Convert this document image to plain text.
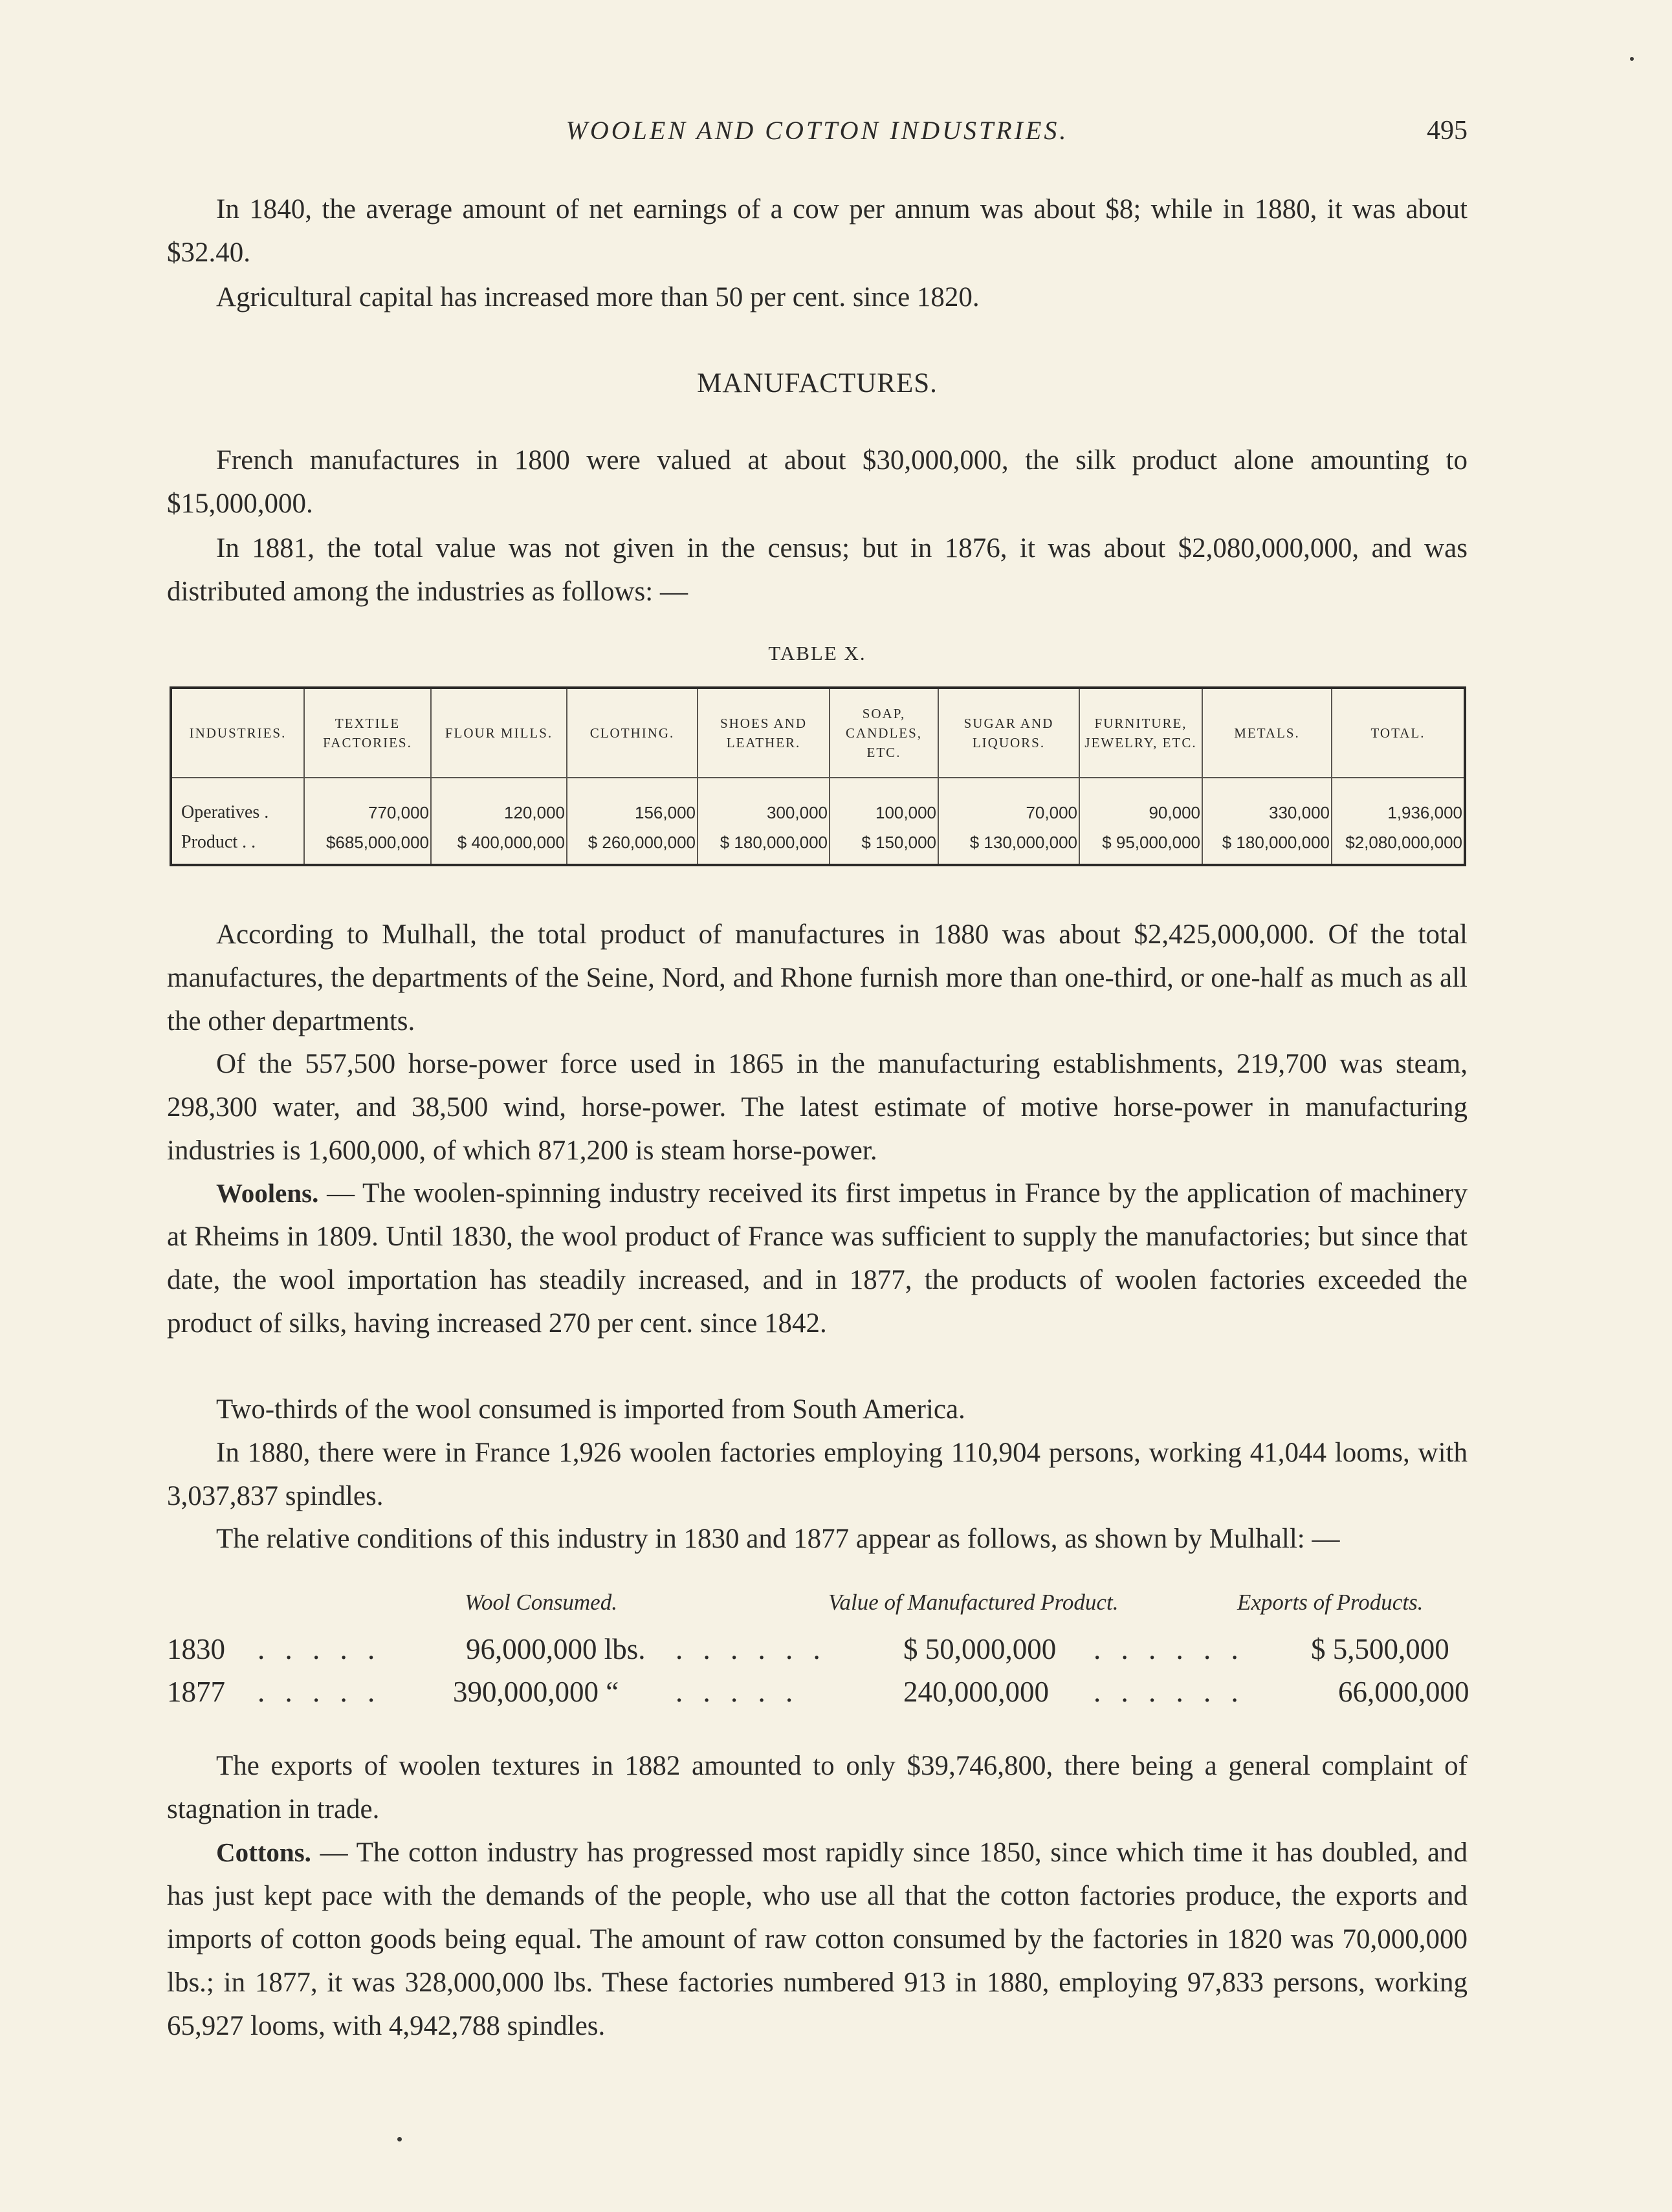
WOOLEN AND COTTON INDUSTRIES.	495

In 1840, the average amount of net earnings of a cow per annum was about $8; while in 1880, it was about $32.40.

Agricultural capital has increased more than 50 per cent. since 1820.

MANUFACTURES.

French manufactures in 1800 were valued at about $30,000,000, the silk product alone amounting to $15,000,000.

In 1881, the total value was not given in the census; but in 1876, it was about $2,080,000,000, and was distributed among the industries as follows: —

TABLE X.
INDUSTRIES.	TEXTILE FACTORIES.	FLOUR MILLS.	CLOTHING.	SHOES AND LEATHER.	SOAP, CANDLES, ETC.	SUGAR AND LIQUORS.	FURNITURE, JEWELRY, ETC.	METALS.	TOTAL.
Operatives .	770,000	120,000	156,000	300,000	100,000	70,000	90,000	330,000	1,936,000
Product . .	$685,000,000	$ 400,000,000	$ 260,000,000	$ 180,000,000	$ 150,000	$ 130,000,000	$ 95,000,000	$ 180,000,000	$2,080,000,000

According to Mulhall, the total product of manufactures in 1880 was about $2,425,000,000. Of the total manufactures, the departments of the Seine, Nord, and Rhone furnish more than one-third, or one-half as much as all the other departments.

Of the 557,500 horse-power force used in 1865 in the manufacturing establishments, 219,700 was steam, 298,300 water, and 38,500 wind, horse-power. The latest estimate of motive horse-power in manufacturing industries is 1,600,000, of which 871,200 is steam horse-power.

Woolens. — The woolen-spinning industry received its first impetus in France by the application of machinery at Rheims in 1809. Until 1830, the wool product of France was sufficient to supply the manufactories; but since that date, the wool importation has steadily increased, and in 1877, the products of woolen factories exceeded the product of silks, having increased 270 per cent. since 1842.

Two-thirds of the wool consumed is imported from South America.

In 1880, there were in France 1,926 woolen factories employing 110,904 persons, working 41,044 looms, with 3,037,837 spindles.

The relative conditions of this industry in 1830 and 1877 appear as follows, as shown by Mulhall: —

Wool Consumed.	Value of Manufactured Product.	Exports of Products.
1830 . . . . .	96,000,000 lbs. . . . . . .	$ 50,000,000 . . . . . . $ 5,500,000
1877 . . . . . 390,000,000 “ . . . . .	240,000,000 . . . . . .	66,000,000

The exports of woolen textures in 1882 amounted to only $39,746,800, there being a general complaint of stagnation in trade.

Cottons. — The cotton industry has progressed most rapidly since 1850, since which time it has doubled, and has just kept pace with the demands of the people, who use all that the cotton factories produce, the exports and imports of cotton goods being equal. The amount of raw cotton consumed by the factories in 1820 was 70,000,000 lbs.; in 1877, it was 328,000,000 lbs. These factories numbered 913 in 1880, employing 97,833 persons, working 65,927 looms, with 4,942,788 spindles.
